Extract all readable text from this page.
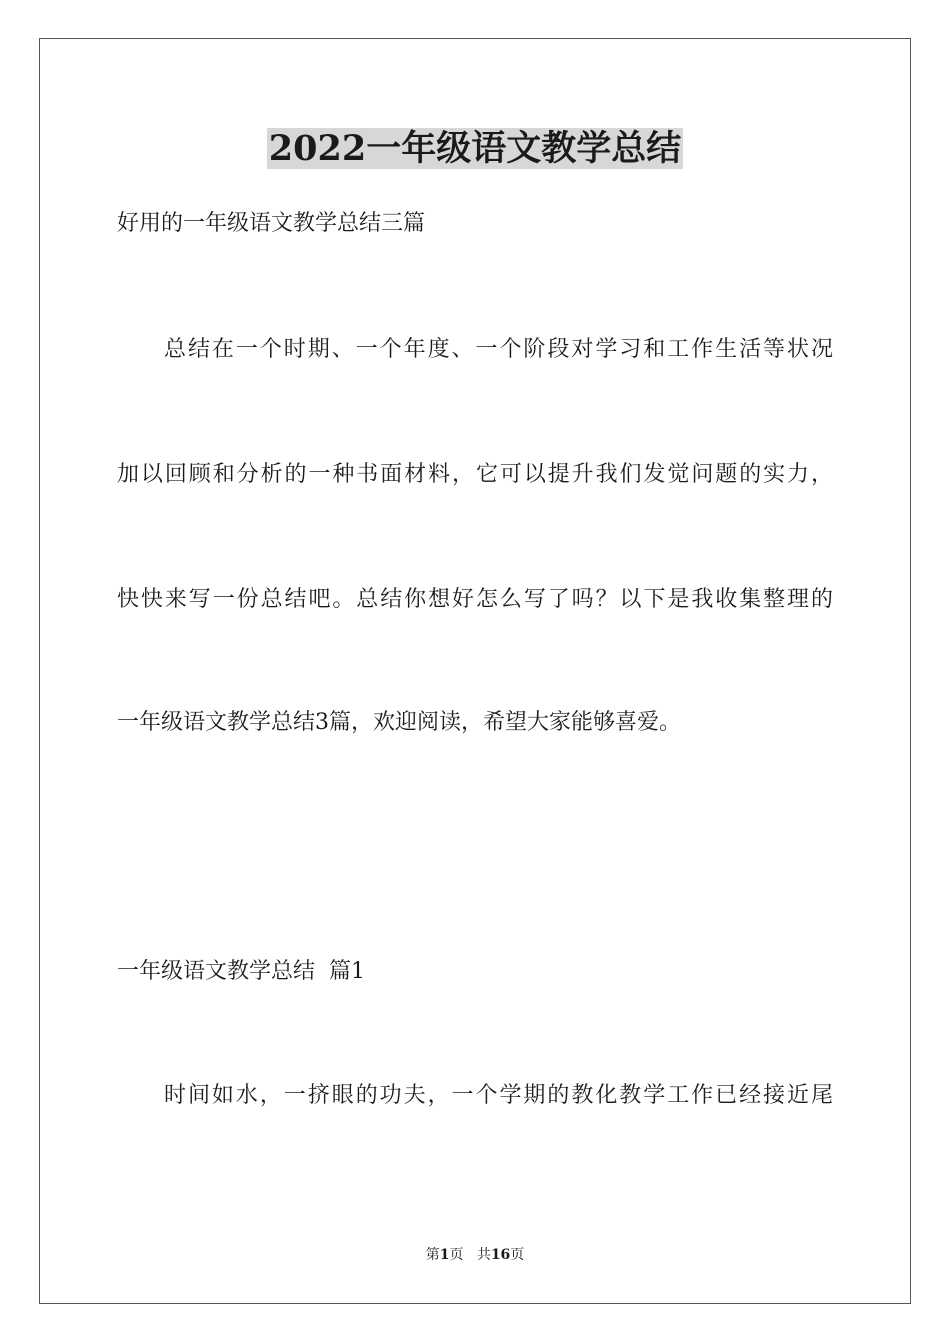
2022一年级语文教学总结
好用的一年级语文教学总结三篇
总结在一个时期、一个年度、一个阶段对学习和工作生活等状况
加以回顾和分析的一种书面材料，它可以提升我们发觉问题的实力，
快快来写一份总结吧。总结你想好怎么写了吗？以下是我收集整理的
一年级语文教学总结3篇，欢迎阅读，希望大家能够喜爱。
一年级语文教学总结  篇1
时间如水，一挤眼的功夫，一个学期的教化教学工作已经接近尾
第1页 共16页
